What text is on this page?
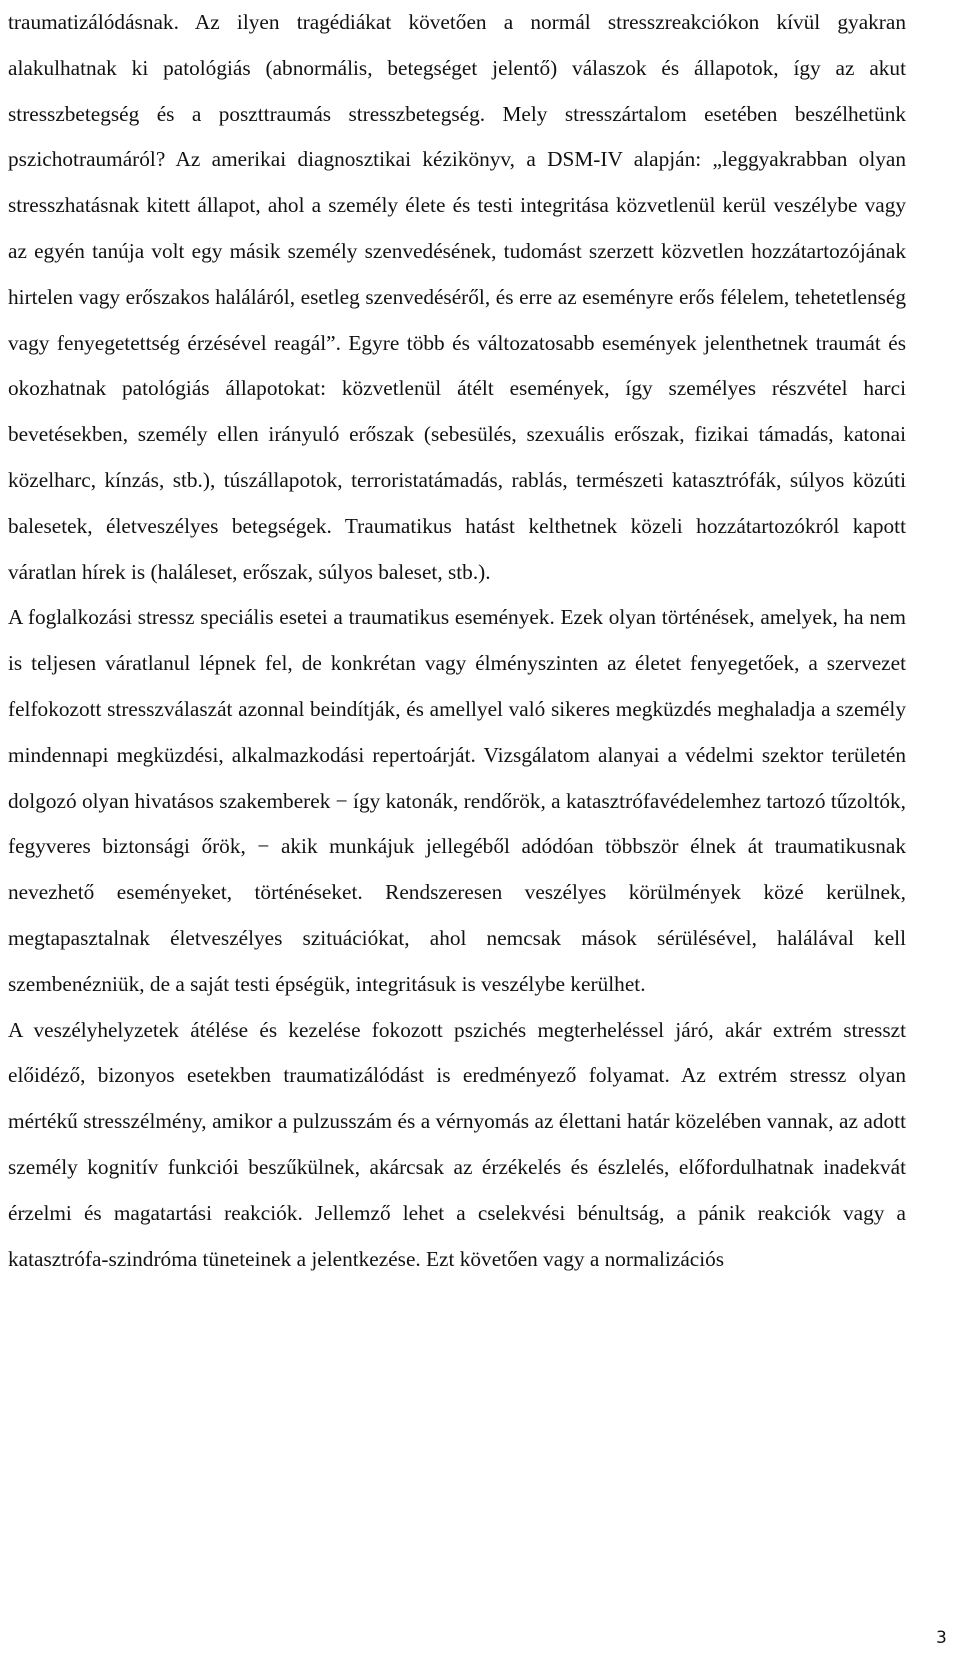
traumatizálódásnak. Az ilyen tragédiákat követően a normál stresszreakciókon kívül gyakran alakulhatnak ki patológiás (abnormális, betegséget jelentő) válaszok és állapotok, így az akut stresszbetegség és a poszttraumás stresszbetegség. Mely stresszártalom esetében beszélhetünk pszichotraumáról? Az amerikai diagnosztikai kézikönyv, a DSM-IV alapján: „leggyakrabban olyan stresszhatásnak kitett állapot, ahol a személy élete és testi integritása közvetlenül kerül veszélybe vagy az egyén tanúja volt egy másik személy szenvedésének, tudomást szerzett közvetlen hozzátartozójának hirtelen vagy erőszakos haláláról, esetleg szenvedéséről, és erre az eseményre erős félelem, tehetetlenség vagy fenyegetettség érzésével reagál”. Egyre több és változatosabb események jelenthetnek traumát és okozhatnak patológiás állapotokat: közvetlenül átélt események, így személyes részvétel harci bevetésekben, személy ellen irányuló erőszak (sebesülés, szexuális erőszak, fizikai támadás, katonai közelharc, kínzás, stb.), túszállapotok, terroristatámadás, rablás, természeti katasztrófák, súlyos közúti balesetek, életveszélyes betegségek. Traumatikus hatást kelthetnek közeli hozzátartozókról kapott váratlan hírek is (haláleset, erőszak, súlyos baleset, stb.).

A foglalkozási stressz speciális esetei a traumatikus események. Ezek olyan történések, amelyek, ha nem is teljesen váratlanul lépnek fel, de konkrétan vagy élményszinten az életet fenyegetőek, a szervezet felfokozott stresszválaszát azonnal beindítják, és amellyel való sikeres megküzdés meghaladja a személy mindennapi megküzdési, alkalmazkodási repertoárját. Vizsgálatom alanyai a védelmi szektor területén dolgozó olyan hivatásos szakemberek − így katonák, rendőrök, a katasztrófavédelemhez tartozó tűzoltók, fegyveres biztonsági őrök, − akik munkájuk jellegéből adódóan többször élnek át traumatikusnak nevezhető eseményeket, történéseket. Rendszeresen veszélyes körülmények közé kerülnek, megtapasztalnak életveszélyes szituációkat, ahol nemcsak mások sérülésével, halálával kell szembenézniük, de a saját testi épségük, integritásuk is veszélybe kerülhet.

A veszélyhelyzetek átélése és kezelése fokozott pszichés megterheléssel járó, akár extrém stresszt előidéző, bizonyos esetekben traumatizálódást is eredményező folyamat. Az extrém stressz olyan mértékű stresszélmény, amikor a pulzusszám és a vérnyomás az élettani határ közelében vannak, az adott személy kognitív funkciói beszűkülnek, akárcsak az érzékelés és észlelés, előfordulhatnak inadekvát érzelmi és magatartási reakciók. Jellemző lehet a cselekvési bénultság, a pánik reakciók vagy a katasztrófa-szindróma tüneteinek a jelentkezése. Ezt követően vagy a normalizációs

3
